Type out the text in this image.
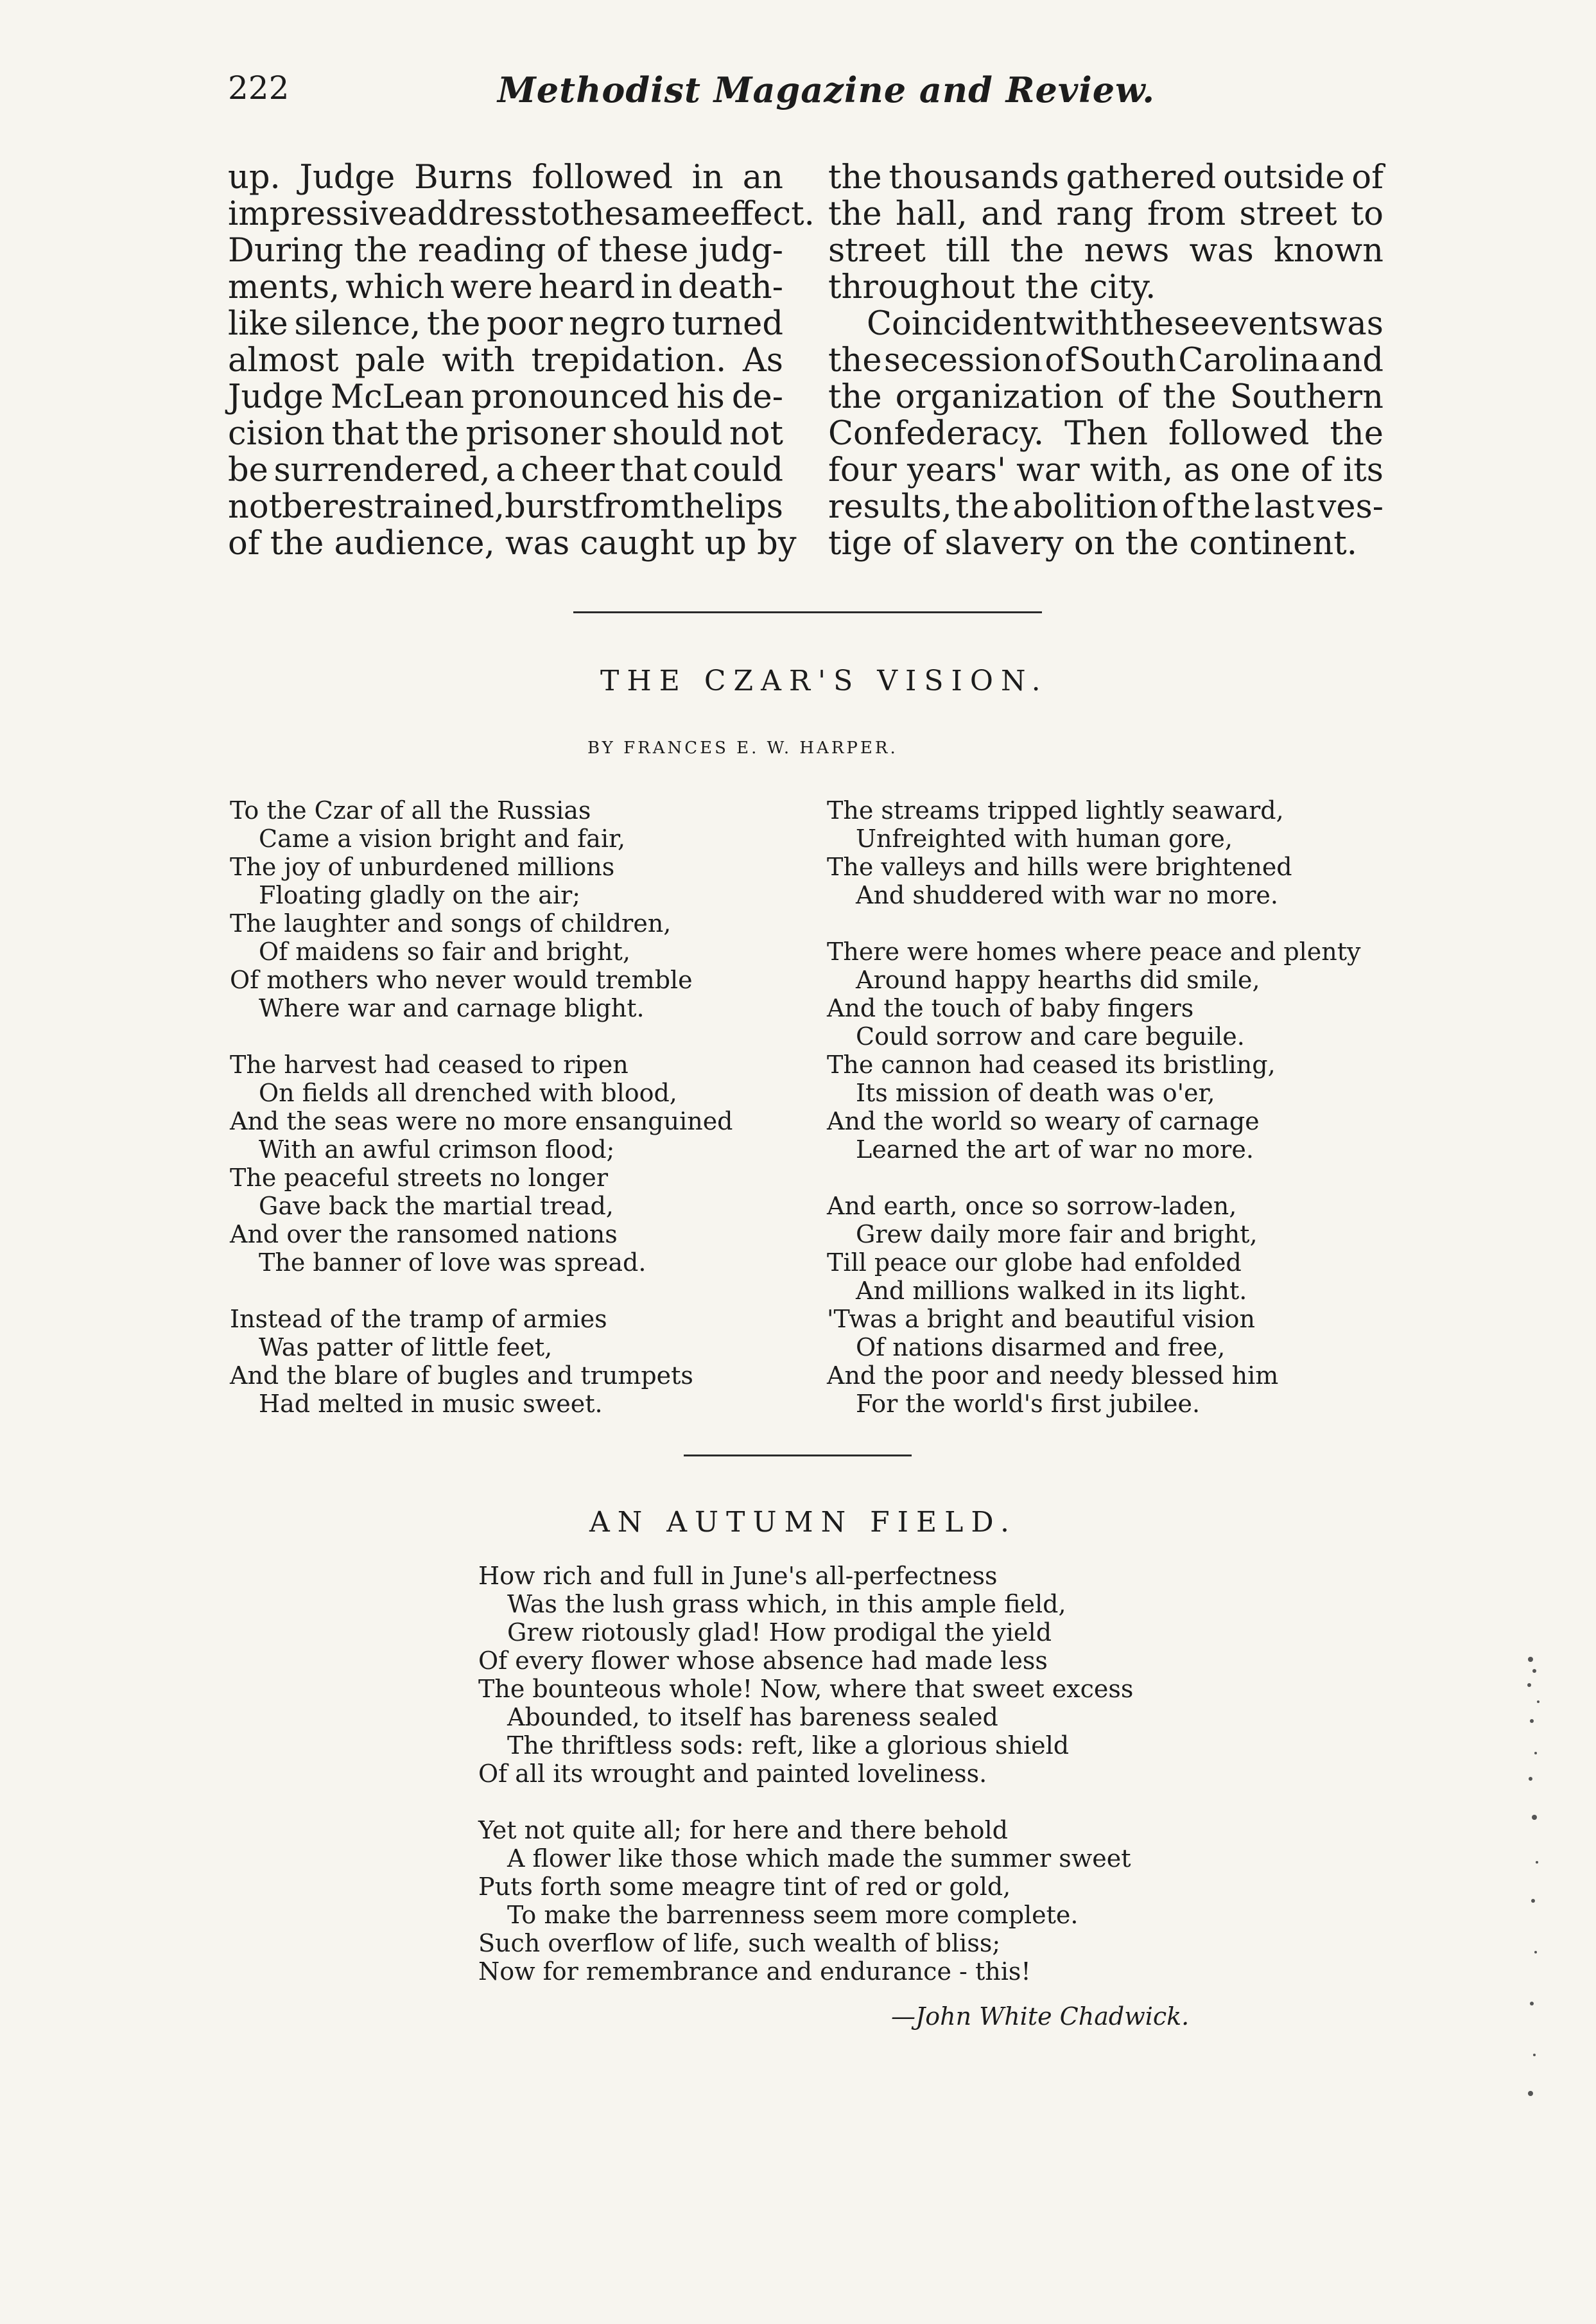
222	Methodist Magazine and Review.
up. Judge Burns followed in an
impressive address to the same effect.
During the reading of these judg-
ments, which were heard in death-
like silence, the poor negro turned
almost pale with trepidation. As
Judge McLean pronounced his de-
cision that the prisoner should not
be surrendered, a cheer that could
not be restrained, burst from the lips
of the audience, was caught up by
the thousands gathered outside of
the hall, and rang from street to
street till the news was known
throughout the city.
Coincident with these events was
the secession of South Carolina and
the organization of the Southern
Confederacy. Then followed the
four years' war with, as one of its
results, the abolition of the last ves-
tige of slavery on the continent.
THE CZAR'S VISION.
BY FRANCES E. W. HARPER.
To the Czar of all the Russias
Came a vision bright and fair,
The joy of unburdened millions
Floating gladly on the air;
The laughter and songs of children,
Of maidens so fair and bright,
Of mothers who never would tremble
Where war and carnage blight.
The harvest had ceased to ripen
On fields all drenched with blood,
And the seas were no more ensanguined
With an awful crimson flood;
The peaceful streets no longer
Gave back the martial tread,
And over the ransomed nations
The banner of love was spread.
Instead of the tramp of armies
Was patter of little feet,
And the blare of bugles and trumpets
Had melted in music sweet.
The streams tripped lightly seaward,
Unfreighted with human gore,
The valleys and hills were brightened
And shuddered with war no more.
There were homes where peace and plenty
Around happy hearths did smile,
And the touch of baby fingers
Could sorrow and care beguile.
The cannon had ceased its bristling,
Its mission of death was o'er,
And the world so weary of carnage
Learned the art of war no more.
And earth, once so sorrow-laden,
Grew daily more fair and bright,
Till peace our globe had enfolded
And millions walked in its light.
'Twas a bright and beautiful vision
Of nations disarmed and free,
And the poor and needy blessed him
For the world's first jubilee.
AN AUTUMN FIELD.
How rich and full in June's all-perfectness
Was the lush grass which, in this ample field,
Grew riotously glad! How prodigal the yield
Of every flower whose absence had made less
The bounteous whole! Now, where that sweet excess
Abounded, to itself has bareness sealed
The thriftless sods: reft, like a glorious shield
Of all its wrought and painted loveliness.
Yet not quite all; for here and there behold
A flower like those which made the summer sweet
Puts forth some meagre tint of red or gold,
To make the barrenness seem more complete.
Such overflow of life, such wealth of bliss;
Now for remembrance and endurance - this!
—John White Chadwick.
